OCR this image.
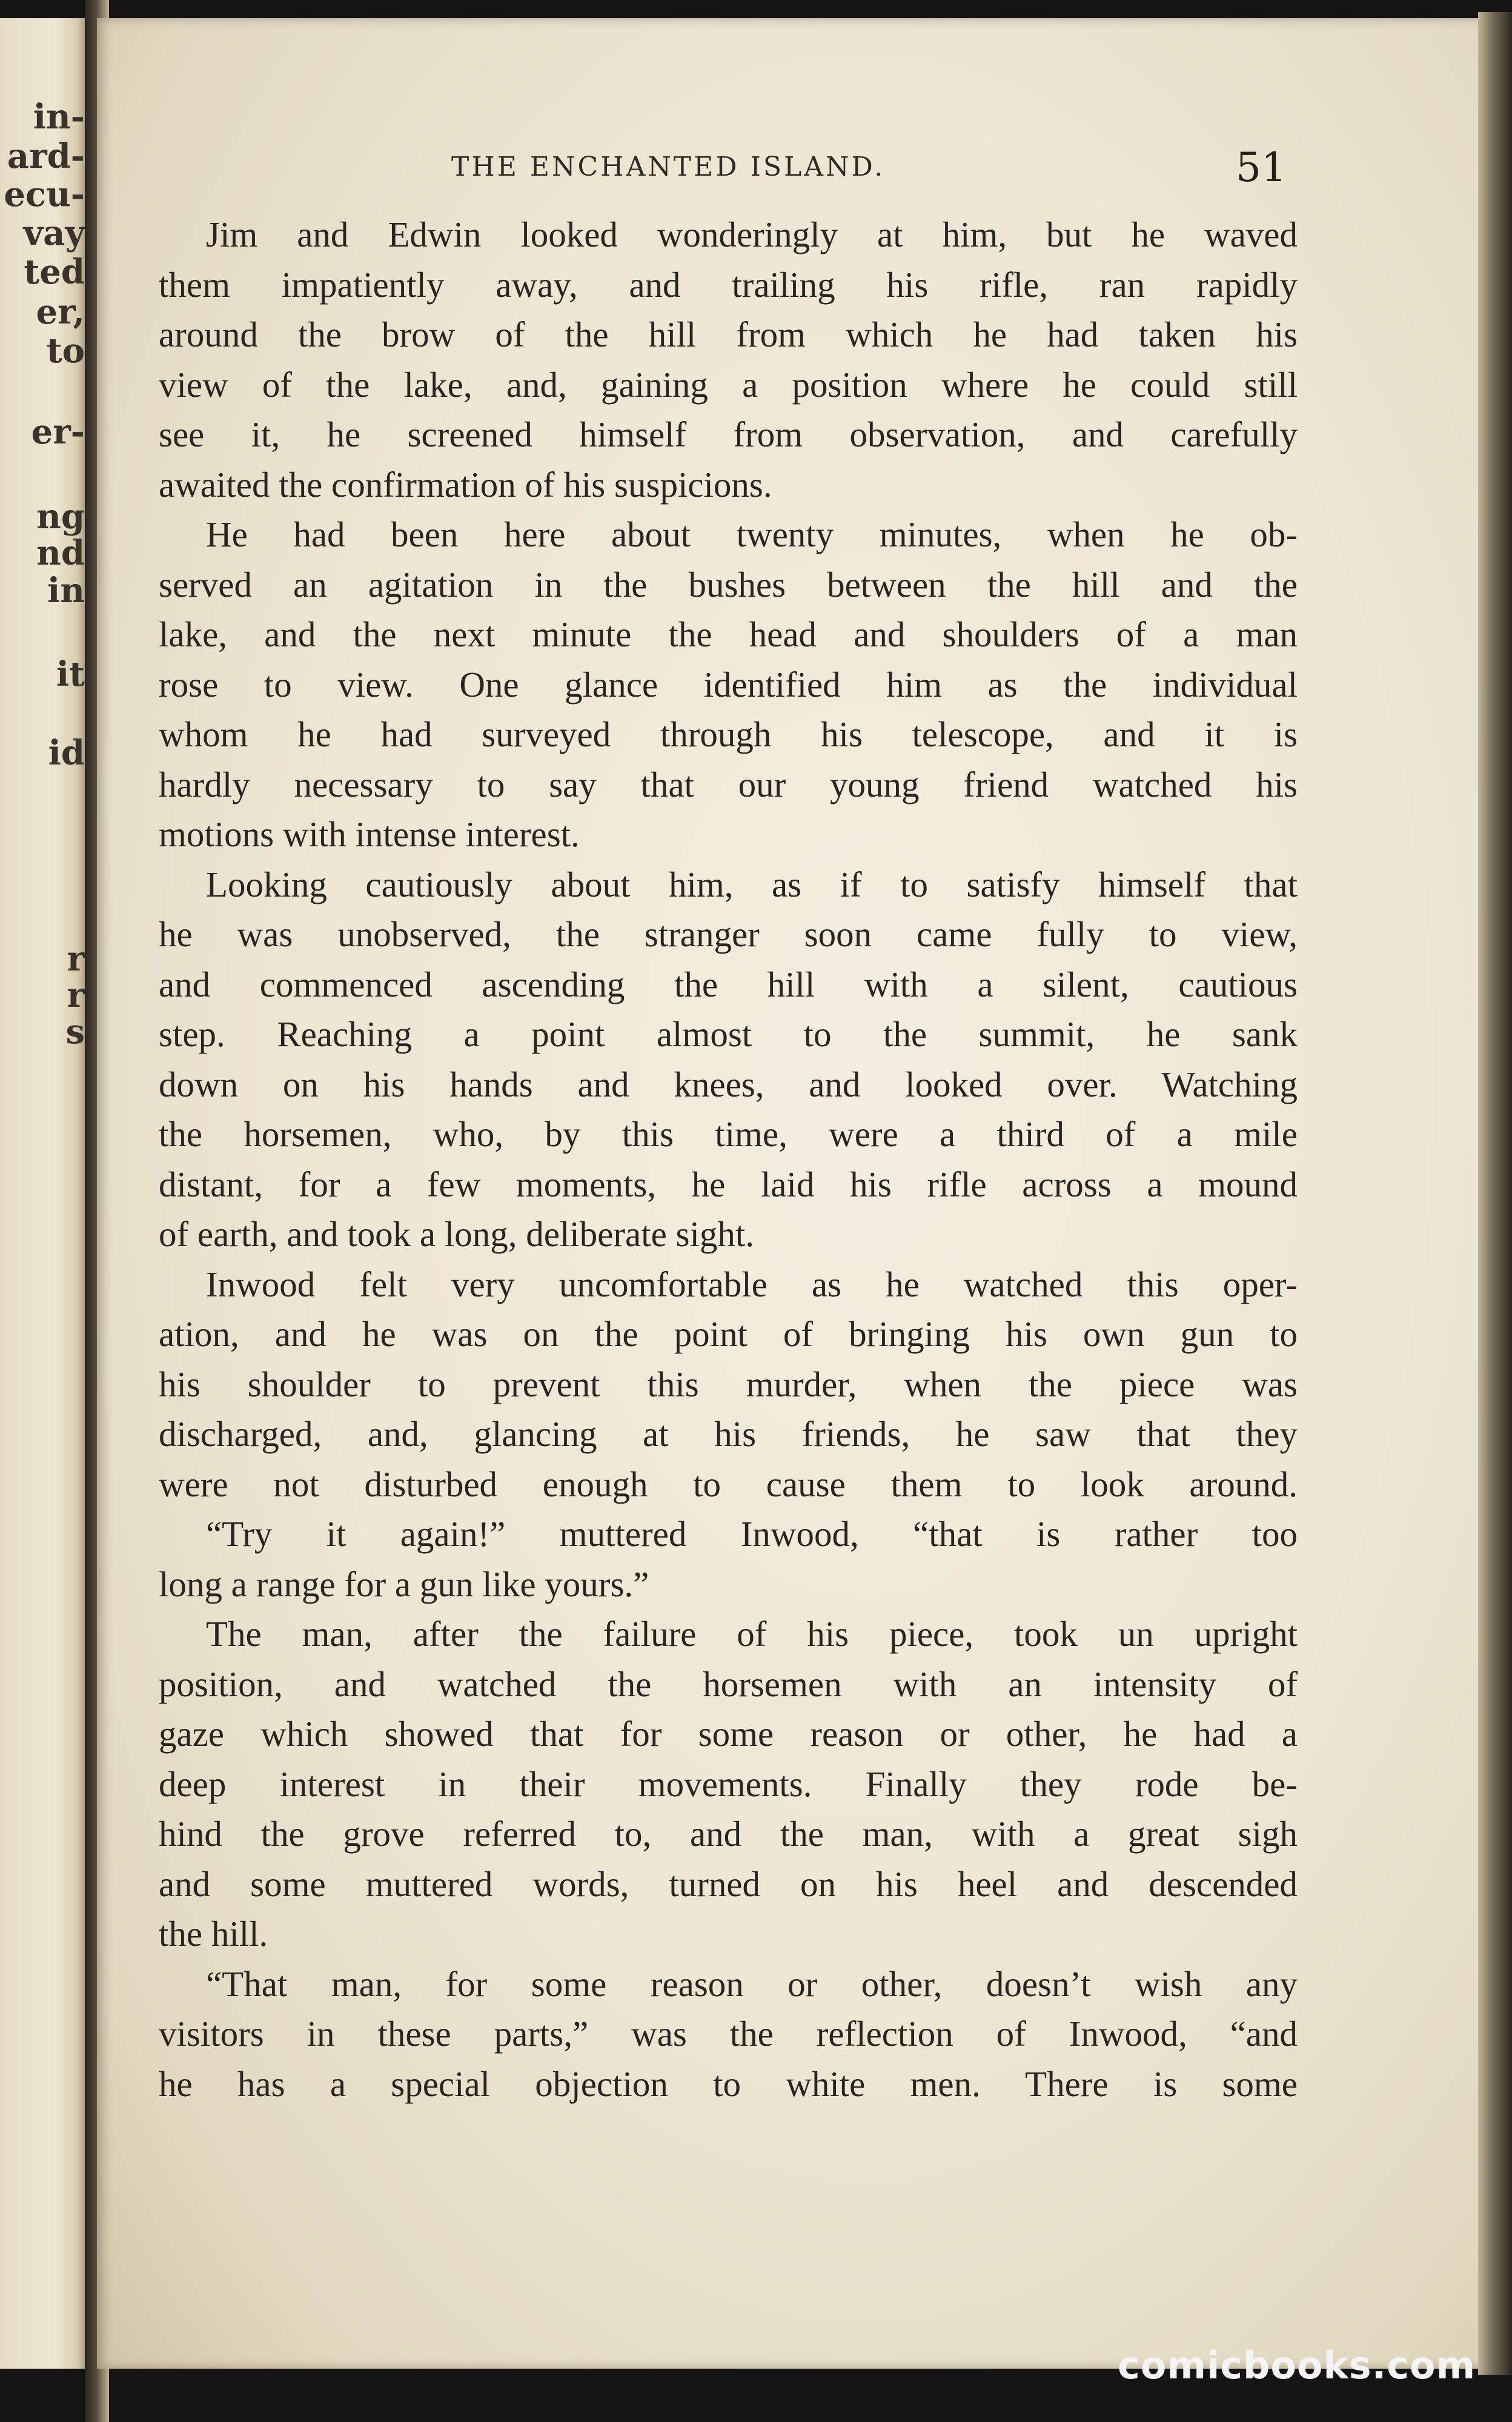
in-
ard-
ecu-
vay
ted
er,
to
er-
ng
nd
in
it
id
r
r
s
THE ENCHANTED ISLAND.	51
Jim and Edwin looked wonderingly at him, but he waved
them impatiently away, and trailing his rifle, ran rapidly
around the brow of the hill from which he had taken his
view of the lake, and, gaining a position where he could still
see it, he screened himself from observation, and carefully
awaited the confirmation of his suspicions.
He had been here about twenty minutes, when he ob-
served an agitation in the bushes between the hill and the
lake, and the next minute the head and shoulders of a man
rose to view. One glance identified him as the individual
whom he had surveyed through his telescope, and it is
hardly necessary to say that our young friend watched his
motions with intense interest.
Looking cautiously about him, as if to satisfy himself that
he was unobserved, the stranger soon came fully to view,
and commenced ascending the hill with a silent, cautious
step. Reaching a point almost to the summit, he sank
down on his hands and knees, and looked over. Watching
the horsemen, who, by this time, were a third of a mile
distant, for a few moments, he laid his rifle across a mound
of earth, and took a long, deliberate sight.
Inwood felt very uncomfortable as he watched this oper-
ation, and he was on the point of bringing his own gun to
his shoulder to prevent this murder, when the piece was
discharged, and, glancing at his friends, he saw that they
were not disturbed enough to cause them to look around.
“Try it again!” muttered Inwood, “that is rather too
long a range for a gun like yours.”
The man, after the failure of his piece, took un upright
position, and watched the horsemen with an intensity of
gaze which showed that for some reason or other, he had a
deep interest in their movements. Finally they rode be-
hind the grove referred to, and the man, with a great sigh
and some muttered words, turned on his heel and descended
the hill.
“That man, for some reason or other, doesn’t wish any
visitors in these parts,” was the reflection of Inwood, “and
he has a special objection to white men. There is some
comicbooks.com
